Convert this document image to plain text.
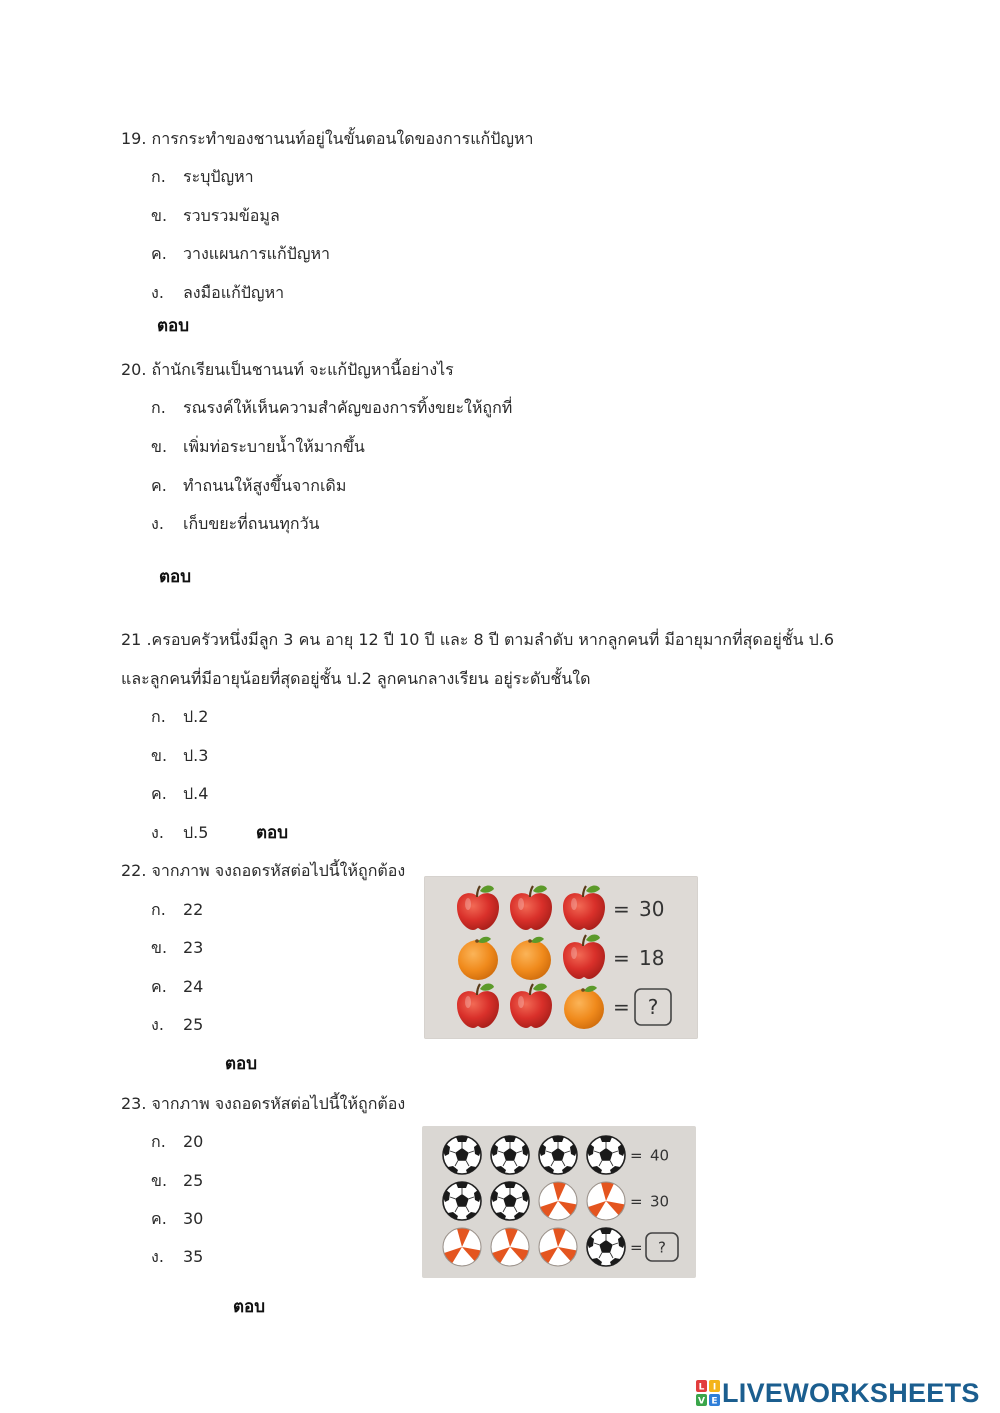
19. การกระทำของชานนท์อยู่ในขั้นตอนใดของการแก้ปัญหา
ก. ระบุปัญหา
ข. รวบรวมข้อมูล
ค. วางแผนการแก้ปัญหา
ง. ลงมือแก้ปัญหา
ตอบ
20. ถ้านักเรียนเป็นชานนท์ จะแก้ปัญหานี้อย่างไร
ก. รณรงค์ให้เห็นความสำคัญของการทิ้งขยะให้ถูกที่
ข. เพิ่มท่อระบายน้ำให้มากขึ้น
ค. ทำถนนให้สูงขึ้นจากเดิม
ง. เก็บขยะที่ถนนทุกวัน
ตอบ
21 .ครอบครัวหนึ่งมีลูก 3 คน อายุ 12 ปี 10 ปี และ 8 ปี ตามลำดับ หากลูกคนที่ มีอายุมากที่สุดอยู่ชั้น ป.6
และลูกคนที่มีอายุน้อยที่สุดอยู่ชั้น ป.2 ลูกคนกลางเรียน อยู่ระดับชั้นใด
ก. ป.2
ข. ป.3
ค. ป.4
ง. ป.5	ตอบ
22. จากภาพ จงถอดรหัสต่อไปนี้ให้ถูกต้อง
ก. 22
ข. 23
ค. 24
ง. 25
ตอบ
= 30
= 18
= ?
23. จากภาพ จงถอดรหัสต่อไปนี้ให้ถูกต้อง
ก. 20
ข. 25
ค. 30
ง. 35
ตอบ
= 40
= 30
= ?
L I
V E LIVEWORKSHEETS
